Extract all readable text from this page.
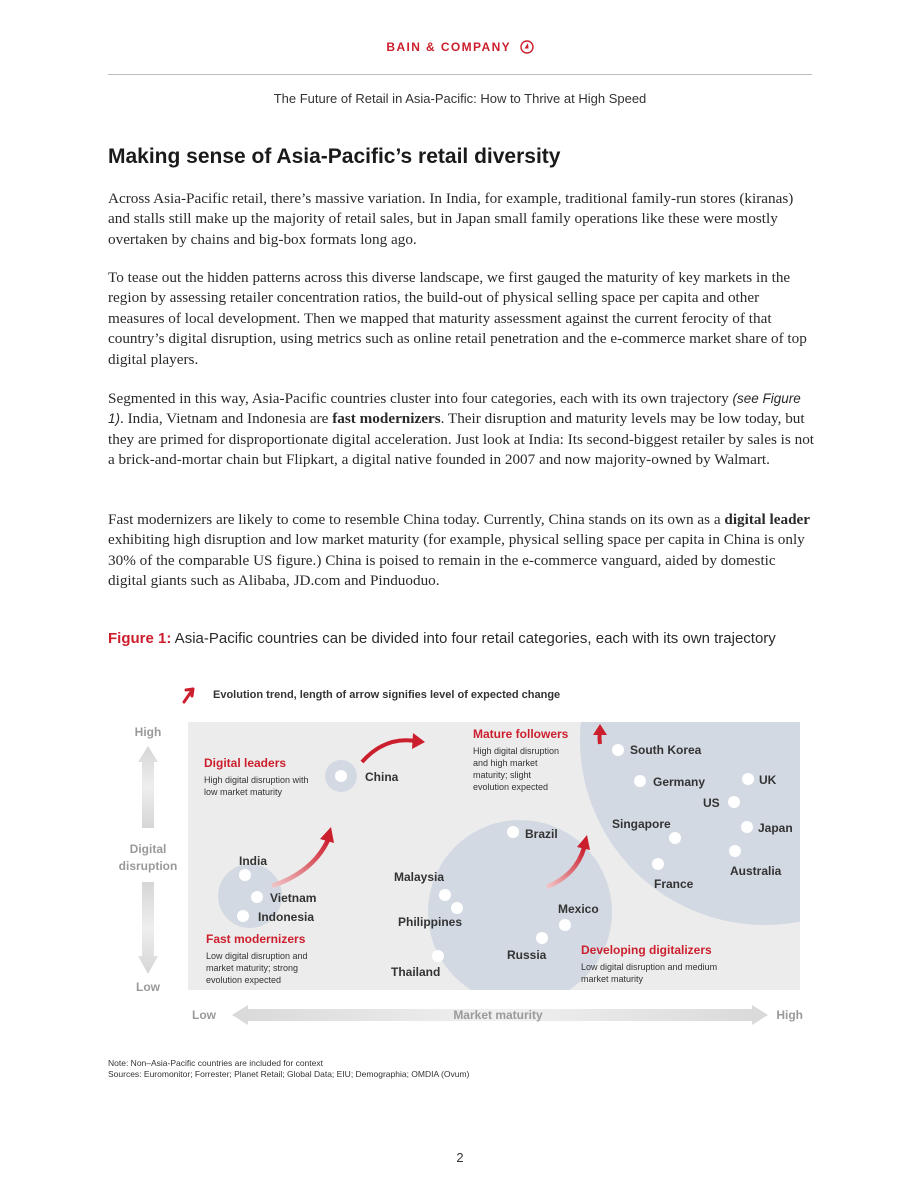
BAIN & COMPANY
The Future of Retail in Asia-Pacific: How to Thrive at High Speed
Making sense of Asia-Pacific’s retail diversity

Across Asia-Pacific retail, there’s massive variation. In India, for example, traditional family-run stores (kiranas) and stalls still make up the majority of retail sales, but in Japan small family operations like these were mostly overtaken by chains and big-box formats long ago.

To tease out the hidden patterns across this diverse landscape, we first gauged the maturity of key markets in the region by assessing retailer concentration ratios, the build-out of physical selling space per capita and other measures of local development. Then we mapped that maturity assessment against the current ferocity of that country’s digital disruption, using metrics such as online retail penetration and the e-commerce market share of top digital players.

Segmented in this way, Asia-Pacific countries cluster into four categories, each with its own trajectory (see Figure 1). India, Vietnam and Indonesia are fast modernizers. Their disruption and maturity levels may be low today, but they are primed for disproportionate digital acceleration. Just look at India: Its second-biggest retailer by sales is not a brick-and-mortar chain but Flipkart, a digital native founded in 2007 and now majority-owned by Walmart.

Fast modernizers are likely to come to resemble China today. Currently, China stands on its own as a digital leader exhibiting high disruption and low market maturity (for example, physical selling space per capita in China is only 30% of the comparable US figure.) China is poised to remain in the e-commerce vanguard, aided by domestic digital giants such as Alibaba, JD.com and Pinduoduo.

Figure 1: Asia-Pacific countries can be divided into four retail categories, each with its own trajectory
Evolution trend, length of arrow signifies level of expected change
High
Digital
disruption
Low
Low	Market maturity	High
Digital leaders
High digital disruption with
low market maturity
Mature followers
High digital disruption
and high market
maturity; slight
evolution expected
Fast modernizers
Low digital disruption and
market maturity; strong
evolution expected
Developing digitalizers
Low digital disruption and medium
market maturity
China
South Korea
Germany	UK
US
Singapore	Japan
Australia
France
Brazil
India
Vietnam
Indonesia
Malaysia
Philippines
Thailand
Mexico
Russia
Note: Non–Asia-Pacific countries are included for context
Sources: Euromonitor; Forrester; Planet Retail; Global Data; EIU; Demographia; OMDIA (Ovum)
2
